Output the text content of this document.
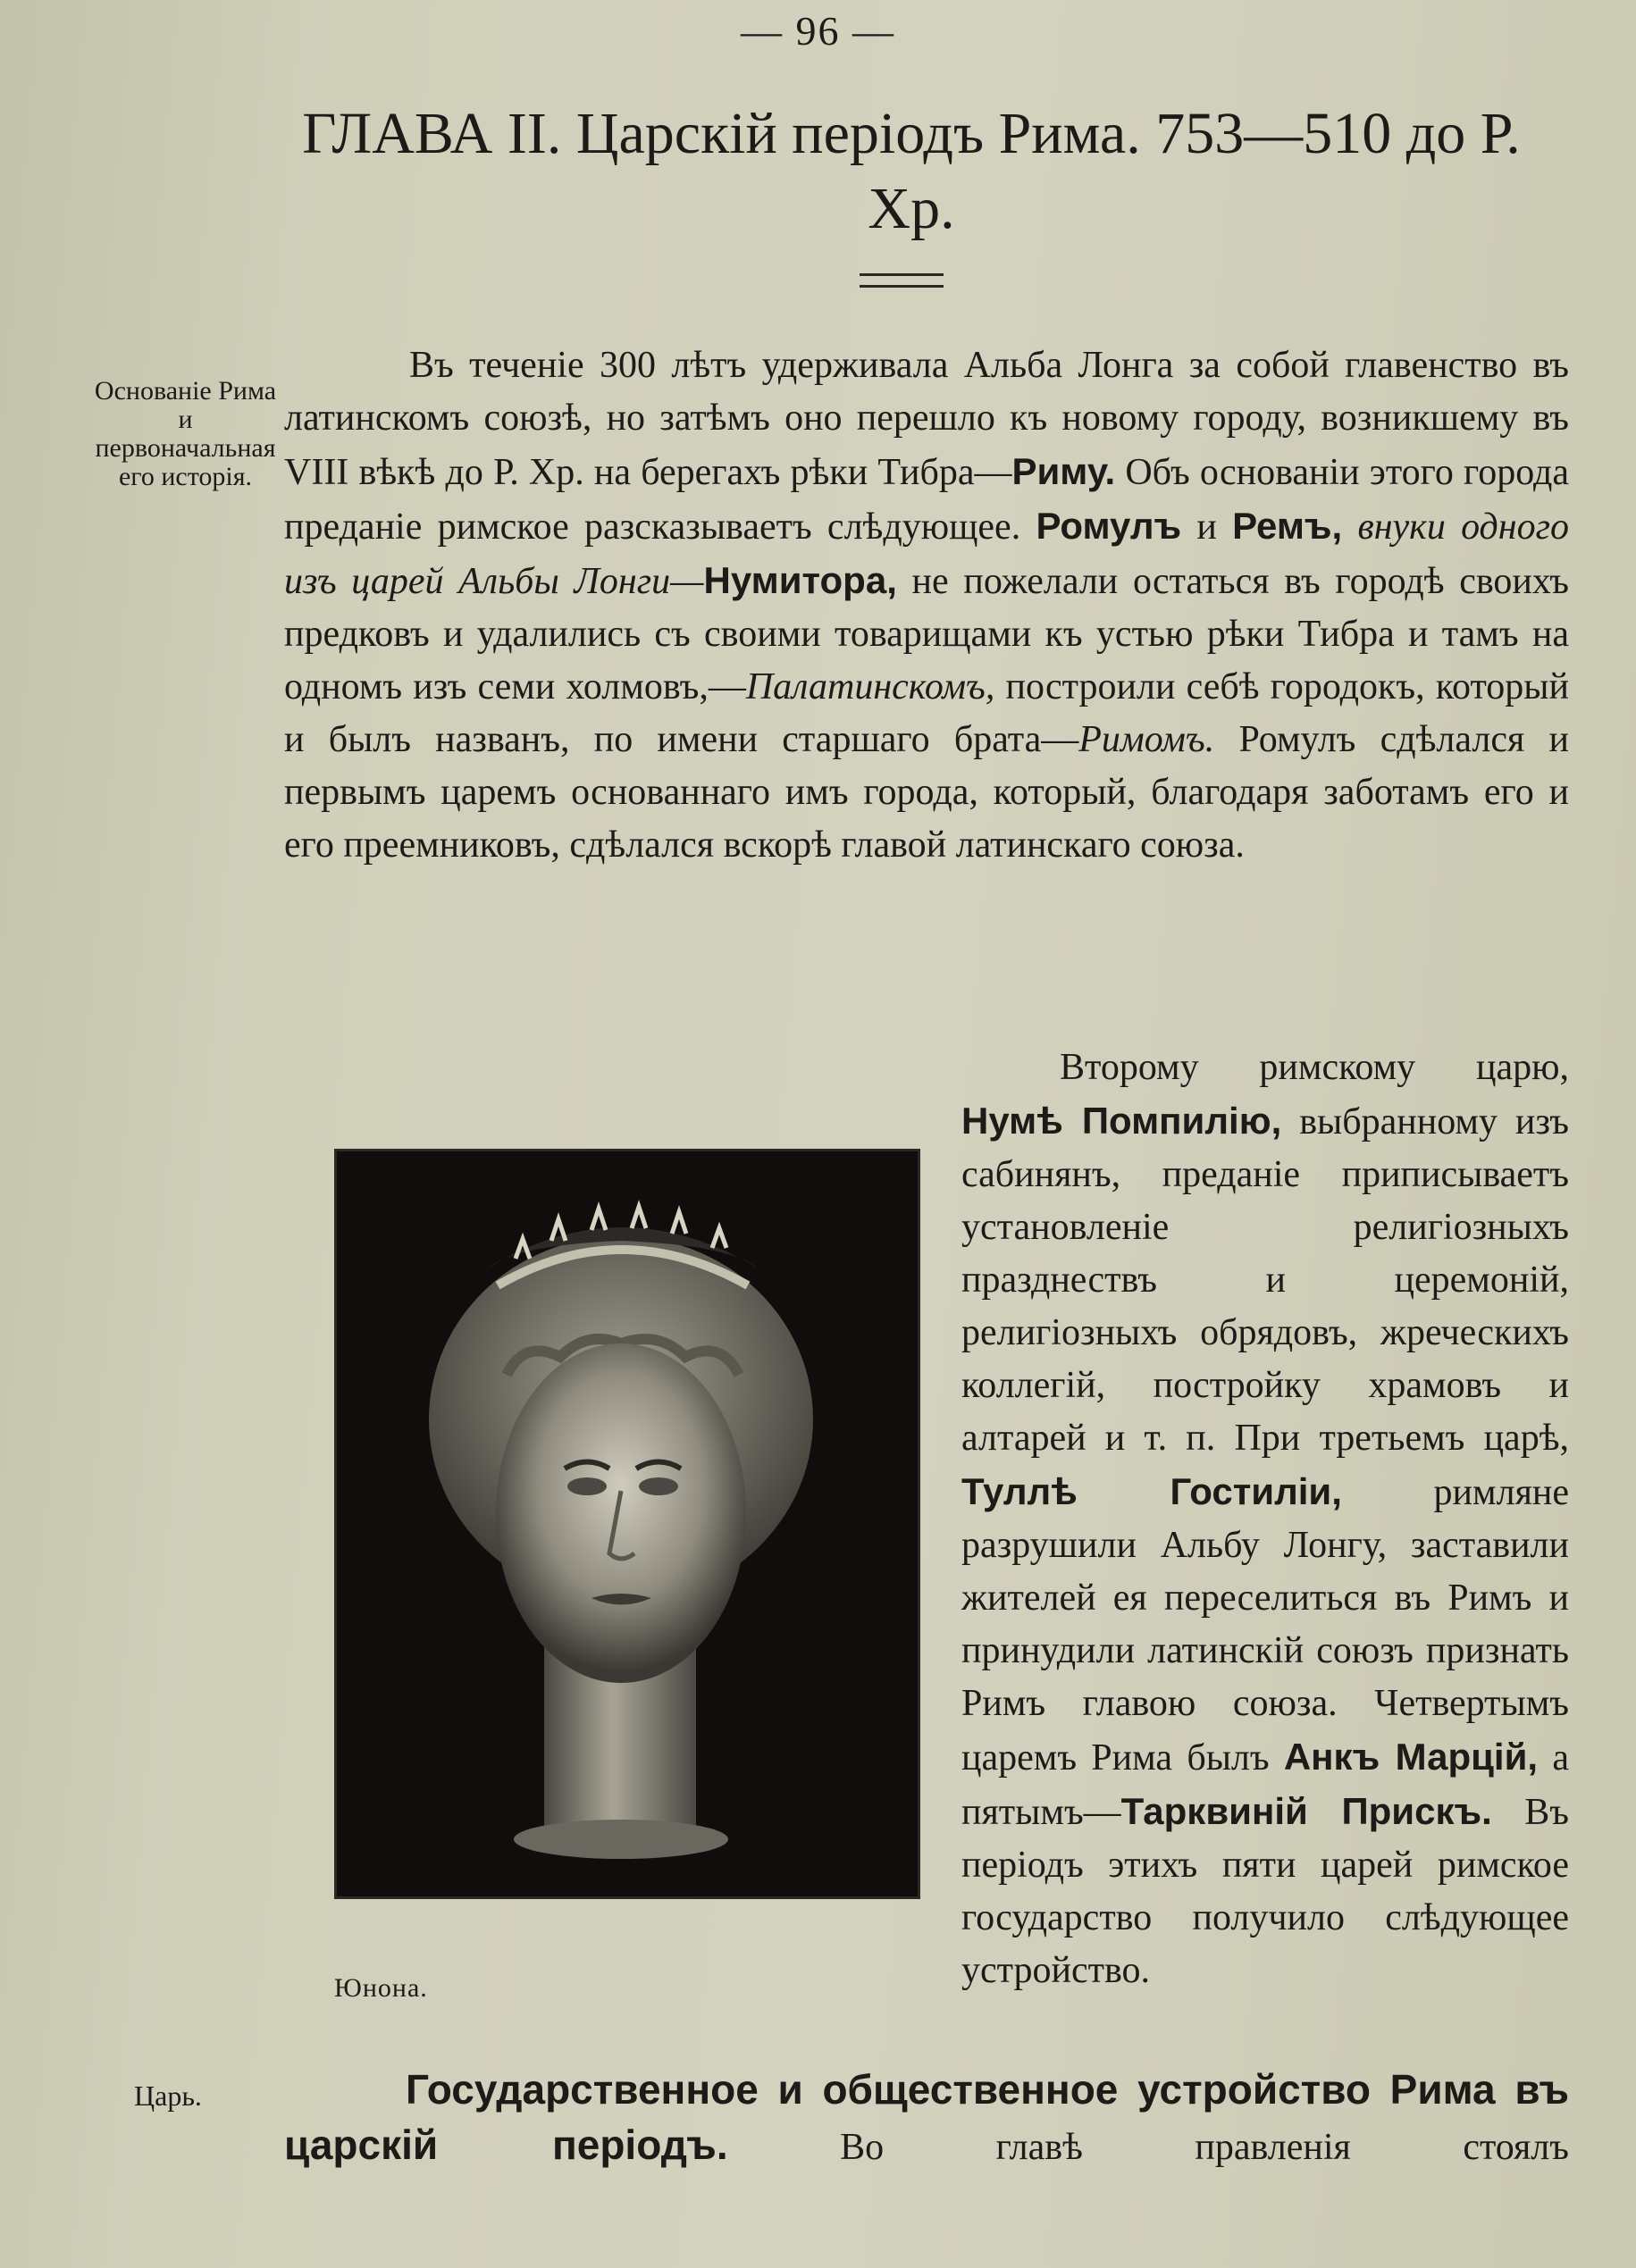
— 96 —
ГЛАВА II. Царскій періодъ Рима. 753—510 до Р. Хр.
Основаніе Рима и первоначальная его исторія.
Въ теченіе 300 лѣтъ удерживала Альба Лонга за собой главенство въ латинскомъ союзѣ, но затѣмъ оно перешло къ новому городу, возникшему въ VIII вѣкѣ до Р. Хр. на берегахъ рѣки Тибра—Риму. Объ основаніи этого города преданіе римское разсказываетъ слѣдующее. Ромулъ и Ремъ, внуки одного изъ царей Альбы Лонги—Нумитора, не пожелали остаться въ городѣ своихъ предковъ и удалились съ своими товарищами къ устью рѣки Тибра и тамъ на одномъ изъ семи холмовъ,—Палатинскомъ, построили себѣ городокъ, который и былъ названъ, по имени старшаго брата—Римомъ. Ромулъ сдѣлался и первымъ царемъ основаннаго имъ города, который, благодаря заботамъ его и его преемниковъ, сдѣлался вскорѣ главой латинскаго союза.
Юнона.
Второму римскому царю, Нумѣ Помпилію, выбранному изъ сабинянъ, преданіе приписываетъ установленіе религіозныхъ празднествъ и церемоній, религіозныхъ обрядовъ, жреческихъ коллегій, постройку храмовъ и алтарей и т. п. При третьемъ царѣ, Туллѣ Гостиліи, римляне разрушили Альбу Лонгу, заставили жителей ея переселиться въ Римъ и принудили латинскій союзъ признать Римъ главою союза. Четвертымъ царемъ Рима былъ Анкъ Марцій, а пятымъ—Тарквиній Прискъ. Въ періодъ этихъ пяти царей римское государство получило слѣдующее устройство.
Царь.	Государственное и общественное устройство Рима въ царскій періодъ. Во главѣ правленія стоялъ
